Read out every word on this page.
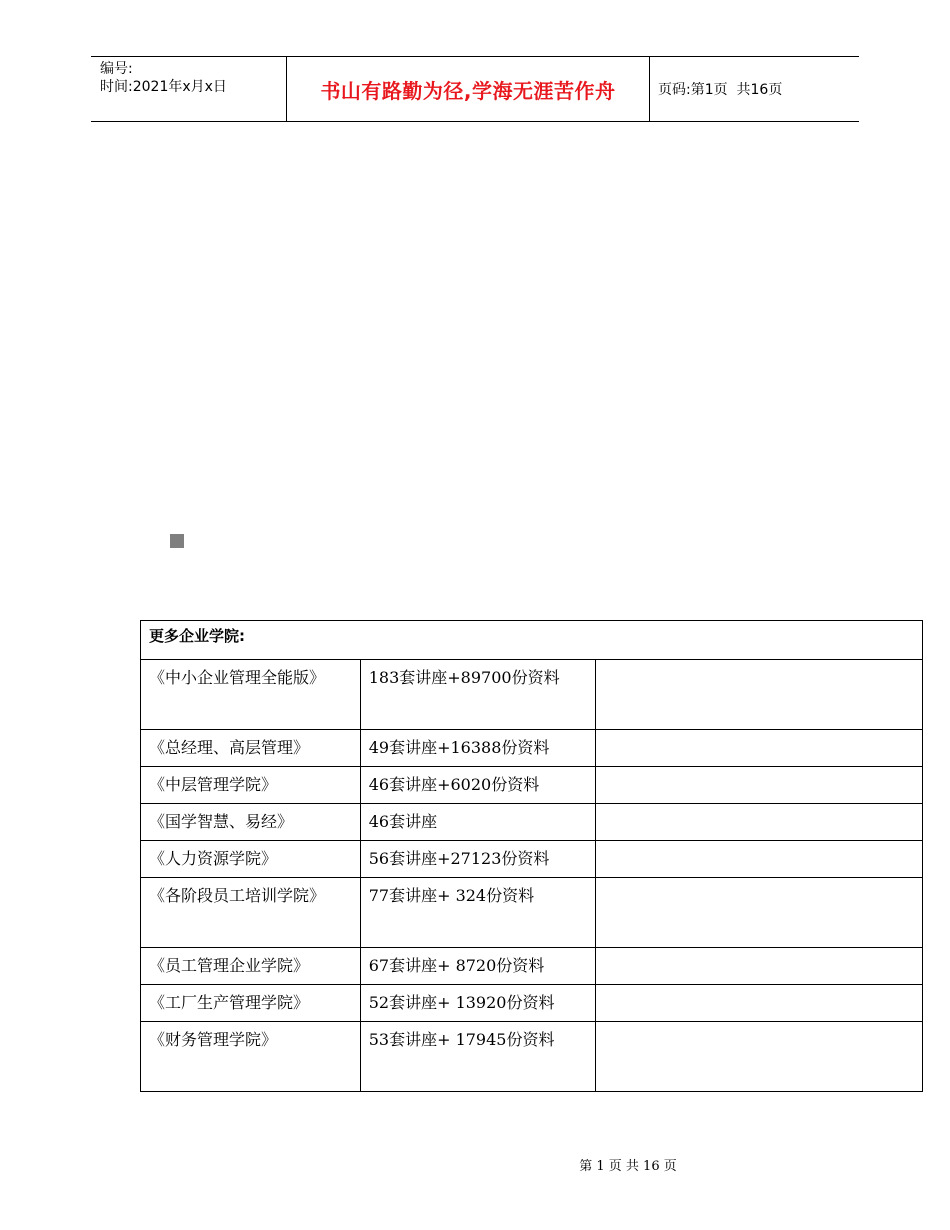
编号:
时间:2021年x月x日	书山有路勤为径,学海无涯苦作舟	页码:第1页  共16页
更多企业学院:		
《中小企业管理全能版》	183套讲座+89700份资料	
《总经理、高层管理》	49套讲座+16388份资料	
《中层管理学院》	46套讲座+6020份资料	
《国学智慧、易经》	46套讲座	
《人力资源学院》	56套讲座+27123份资料	
《各阶段员工培训学院》	77套讲座+ 324份资料	
《员工管理企业学院》	67套讲座+ 8720份资料	
《工厂生产管理学院》	52套讲座+ 13920份资料	
《财务管理学院》	53套讲座+ 17945份资料	
第 1 页 共 16 页
